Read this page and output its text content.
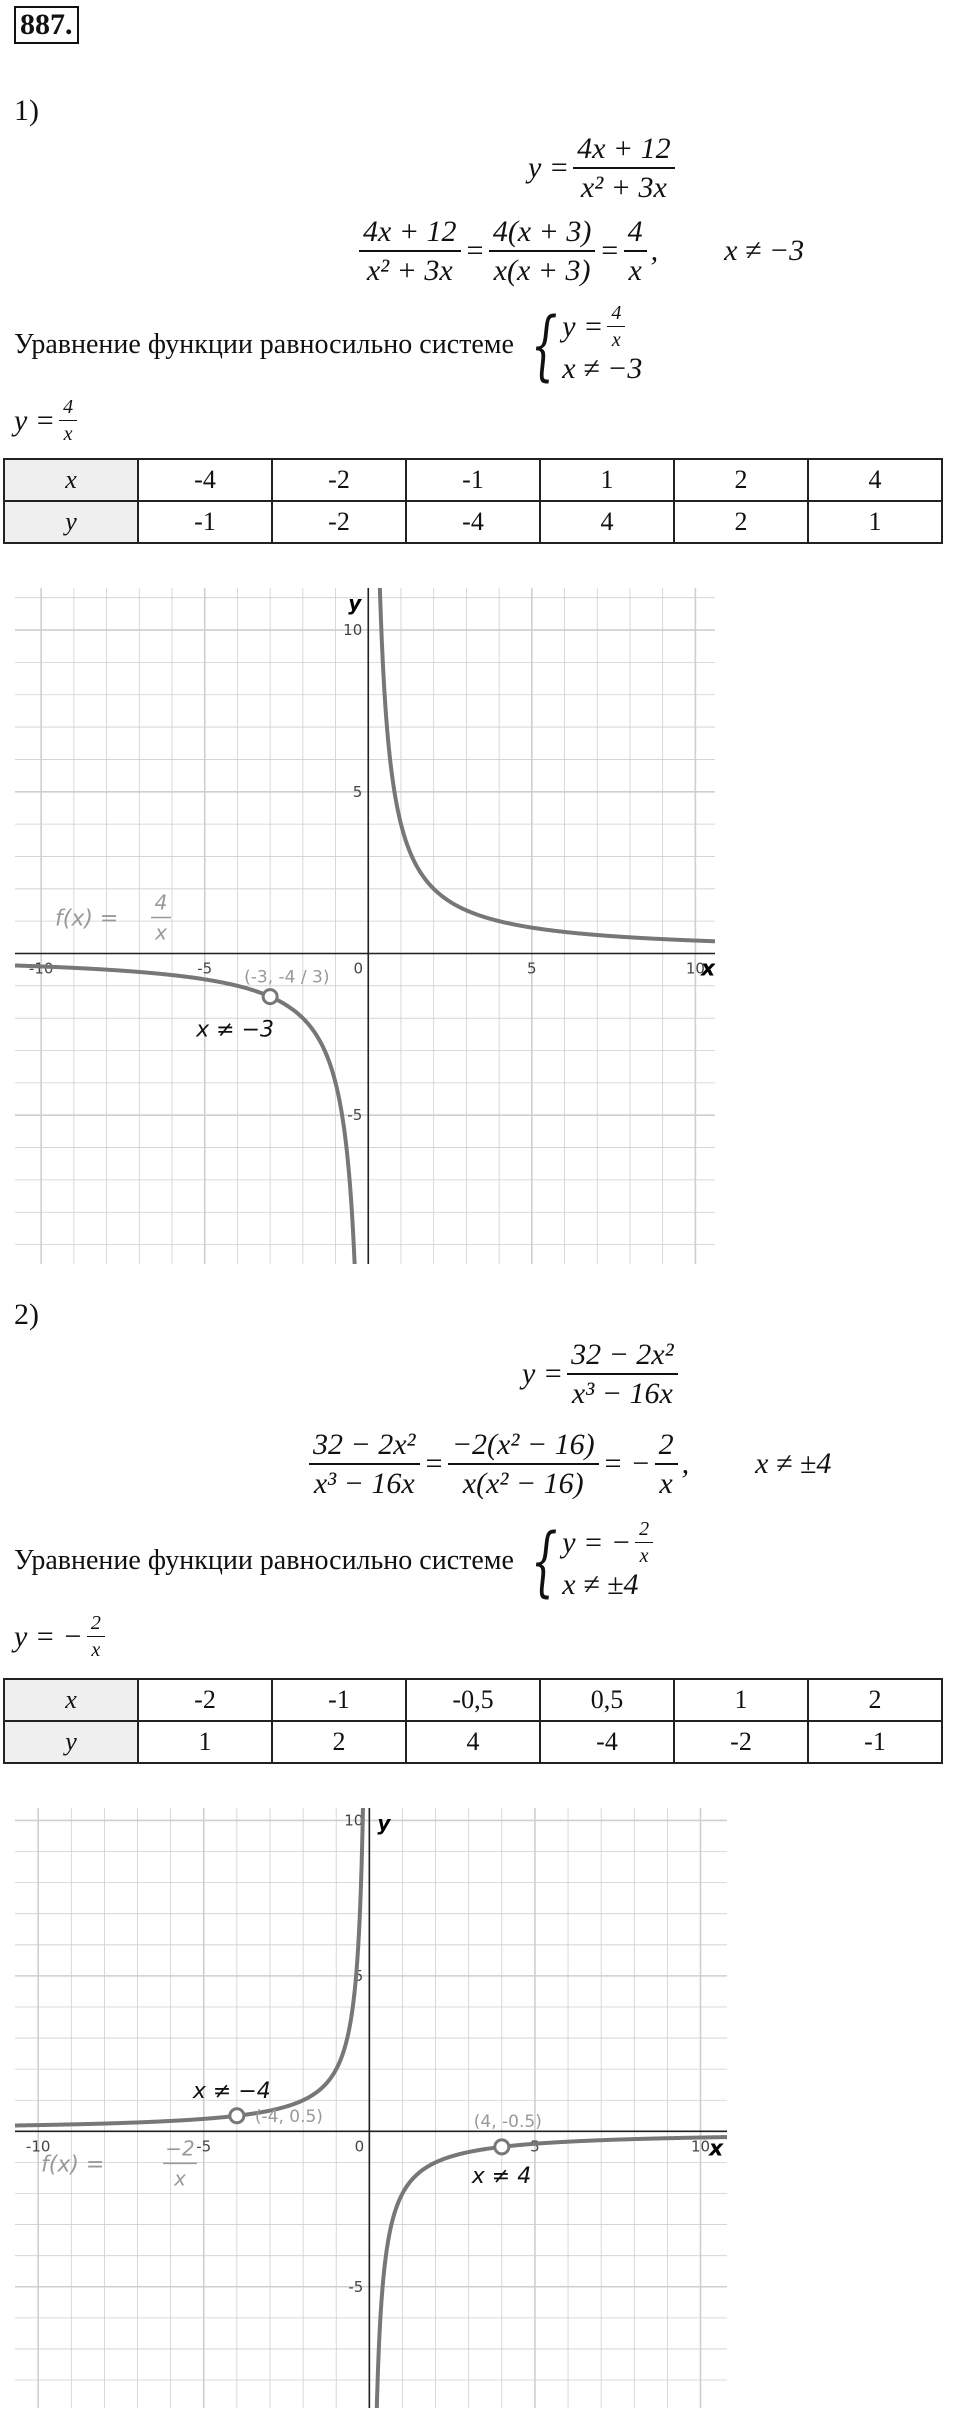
887.
1)
$y = \frac{4x + 12}{\text{x² + 3x}}$
$\frac{4x + 12}{\text{x² + 3x}} = \frac{4(x + 3)}{x(x + 3)} = \frac{4}{x}$ , x ≠ −3
Уравнение функции равносильно системе { $y = \frac{4}{x}$
x ≠ −3
$y = \frac{4}{x}$
x	-4	-2	-1	1	2	4
y	-1	-2	-4	4	2	1
-10	-5	0	5	10
10
5
-5
x
y
(-3, -4 / 3)
x ≠ −3
f(x) =
4
x
2)
$y = \frac{\text{32 − 2x²}}{\text{x³ − 16x}}$
$\frac{\text{32 − 2x²}}{\text{x³ − 16x}} = \frac{\text{−2(x² − 16)}}{\text{x(x² − 16)}}$ = − $\frac{2}{x}$ , x ≠ ±4
Уравнение функции равносильно системе { y = − $\frac{2}{x}$
x ≠ ±4
y = − $\frac{2}{x}$
x	-2	-1	-0,5	0,5	1	2
y	1	2	4	-4	-2	-1
-10	-5	0	5	10
10
5
-5
x
y
(-4, 0.5)
x ≠ −4
(4, -0.5)
x ≠ 4
f(x) =
−2
x
